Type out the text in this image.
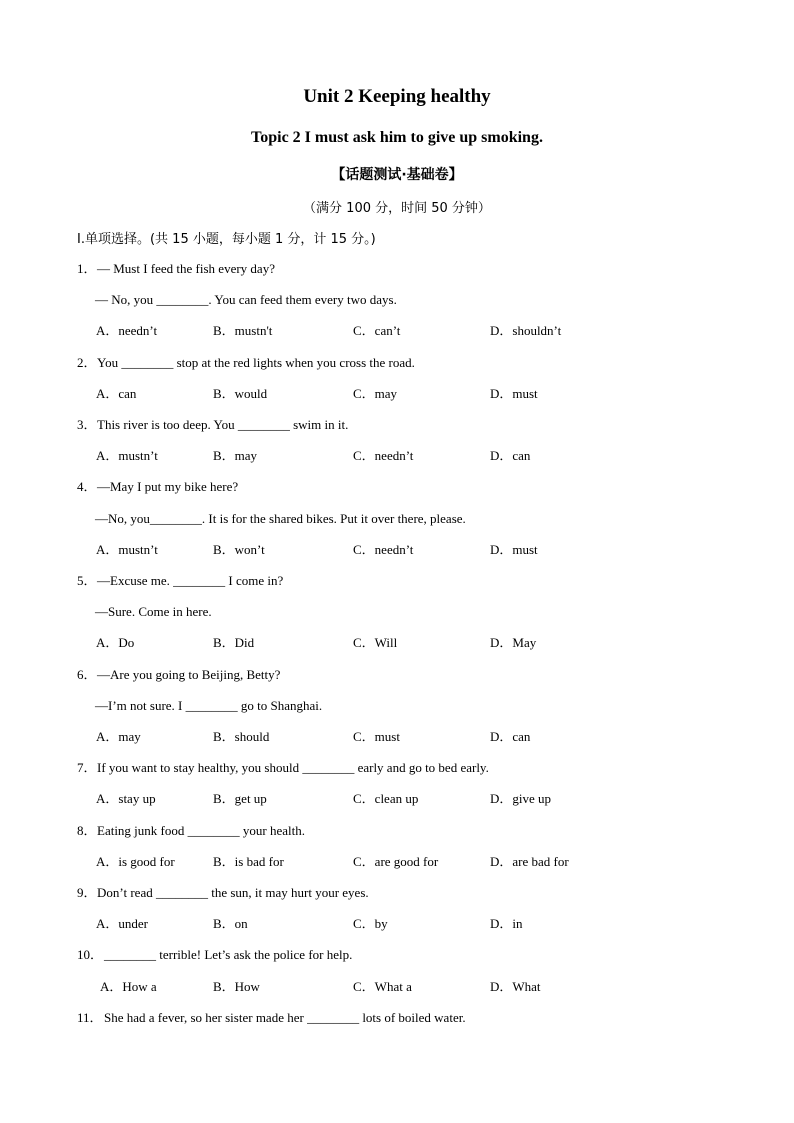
Unit 2 Keeping healthy
Topic 2 I must ask him to give up smoking.
【话题测试·基础卷】
（满分 100 分，时间 50 分钟）
I.单项选择。(共 15 小题，每小题 1 分，计 15 分。)
1． — Must I feed the fish every day?
— No, you ________. You can feed them every two days.
A．needn’t	B．mustn't	C．can’t	D．shouldn’t
2． You ________ stop at the red lights when you cross the road.
A．can	B．would	C．may	D．must
3． This river is too deep. You ________ swim in it.
A．mustn’t	B．may	C．needn’t	D．can
4． —May I put my bike here?
—No, you________. It is for the shared bikes. Put it over there, please.
A．mustn’t	B．won’t	C．needn’t	D．must
5． —Excuse me. ________ I come in?
—Sure. Come in here.
A．Do	B．Did	C．Will	D．May
6． —Are you going to Beijing, Betty?
—I’m not sure. I ________ go to Shanghai.
A．may	B．should	C．must	D．can
7． If you want to stay healthy, you should ________ early and go to bed early.
A．stay up	B．get up	C．clean up	D．give up
8． Eating junk food ________ your health.
A．is good for	B．is bad for	C．are good for	D．are bad for
9． Don’t read ________ the sun, it may hurt your eyes.
A．under	B．on	C．by	D．in
10． ________ terrible! Let’s ask the police for help.
A．How a	B．How	C．What a	D．What
11． She had a fever, so her sister made her ________ lots of boiled water.
